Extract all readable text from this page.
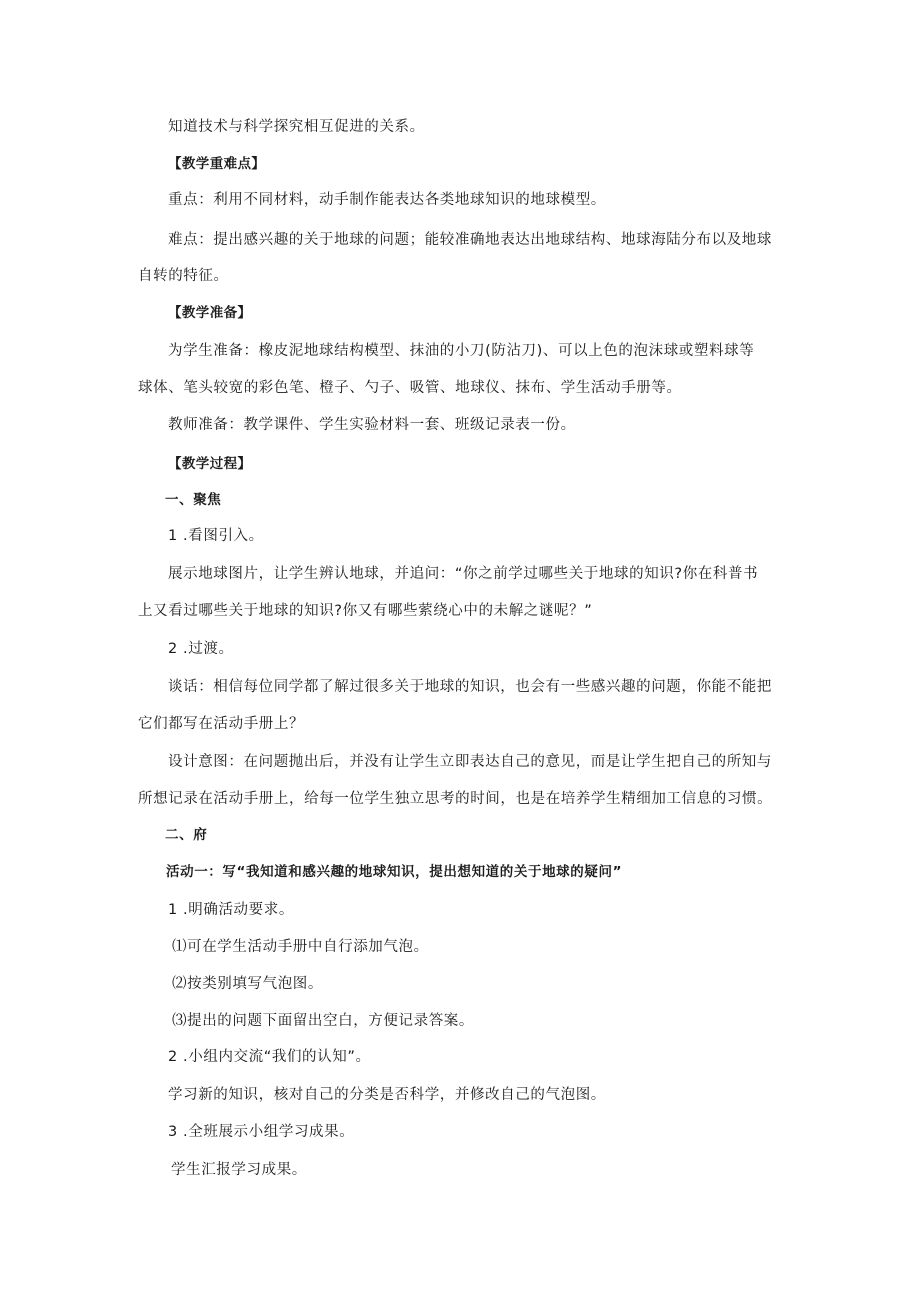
知道技术与科学探究相互促进的关系。
【教学重难点】
重点：利用不同材料，动手制作能表达各类地球知识的地球模型。
难点：提出感兴趣的关于地球的问题；能较准确地表达出地球结构、地球海陆分布以及地球
自转的特征。
【教学准备】
为学生准备：橡皮泥地球结构模型、抹油的小刀(防沾刀)、可以上色的泡沫球或塑料球等
球体、笔头较宽的彩色笔、橙子、勺子、吸管、地球仪、抹布、学生活动手册等。
教师准备：教学课件、学生实验材料一套、班级记录表一份。
【教学过程】
一、聚焦
1 .看图引入。
展示地球图片，让学生辨认地球，并追问：“你之前学过哪些关于地球的知识?你在科普书
上又看过哪些关于地球的知识?你又有哪些萦绕心中的未解之谜呢？”
2 .过渡。
谈话：相信每位同学都了解过很多关于地球的知识，也会有一些感兴趣的问题，你能不能把
它们都写在活动手册上？
设计意图：在问题抛出后，并没有让学生立即表达自己的意见，而是让学生把自己的所知与
所想记录在活动手册上，给每一位学生独立思考的时间，也是在培养学生精细加工信息的习惯。
二、府
活动一：写“我知道和感兴趣的地球知识，提出想知道的关于地球的疑问”
1 .明确活动要求。
⑴可在学生活动手册中自行添加气泡。
⑵按类别填写气泡图。
⑶提出的问题下面留出空白，方便记录答案。
2 .小组内交流“我们的认知”。
学习新的知识，核对自己的分类是否科学，并修改自己的气泡图。
3 .全班展示小组学习成果。
学生汇报学习成果。
